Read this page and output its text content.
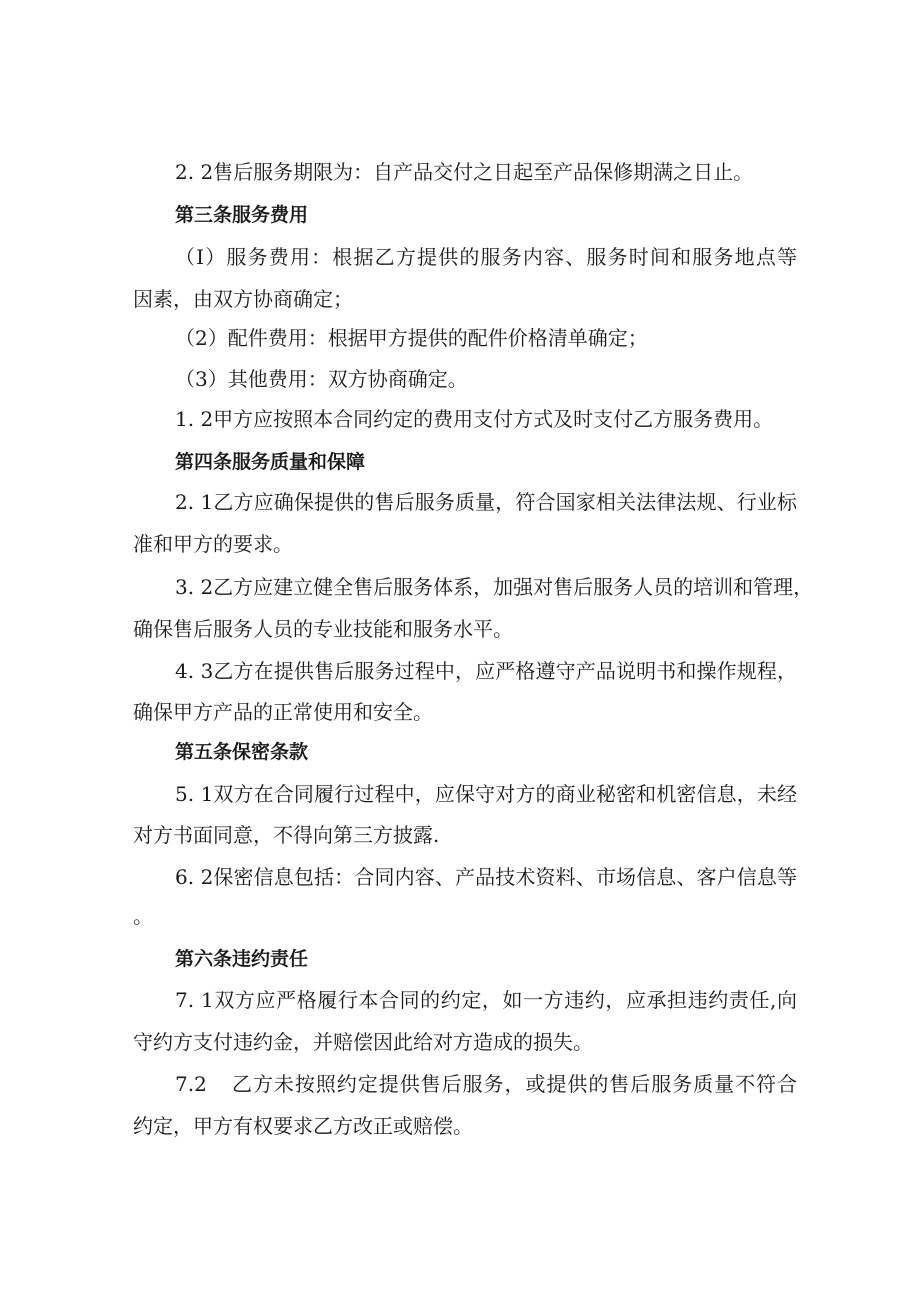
2. 2售后服务期限为：自产品交付之日起至产品保修期满之日止。
第三条服务费用
（I）服务费用：根据乙方提供的服务内容、服务时间和服务地点等
因素，由双方协商确定；
（2）配件费用：根据甲方提供的配件价格清单确定；
（3）其他费用：双方协商确定。
1. 2甲方应按照本合同约定的费用支付方式及时支付乙方服务费用。
第四条服务质量和保障
2. 1乙方应确保提供的售后服务质量，符合国家相关法律法规、行业标
准和甲方的要求。
3. 2乙方应建立健全售后服务体系，加强对售后服务人员的培训和管理，
确保售后服务人员的专业技能和服务水平。
4. 3乙方在提供售后服务过程中，应严格遵守产品说明书和操作规程，
确保甲方产品的正常使用和安全。
第五条保密条款
5. 1双方在合同履行过程中，应保守对方的商业秘密和机密信息，未经
对方书面同意，不得向第三方披露.
6. 2保密信息包括：合同内容、产品技术资料、市场信息、客户信息等
。
第六条违约责任
7. 1双方应严格履行本合同的约定，如一方违约，应承担违约责任,向
守约方支付违约金，并赔偿因此给对方造成的损失。
7.2 乙方未按照约定提供售后服务，或提供的售后服务质量不符合
约定，甲方有权要求乙方改正或赔偿。
